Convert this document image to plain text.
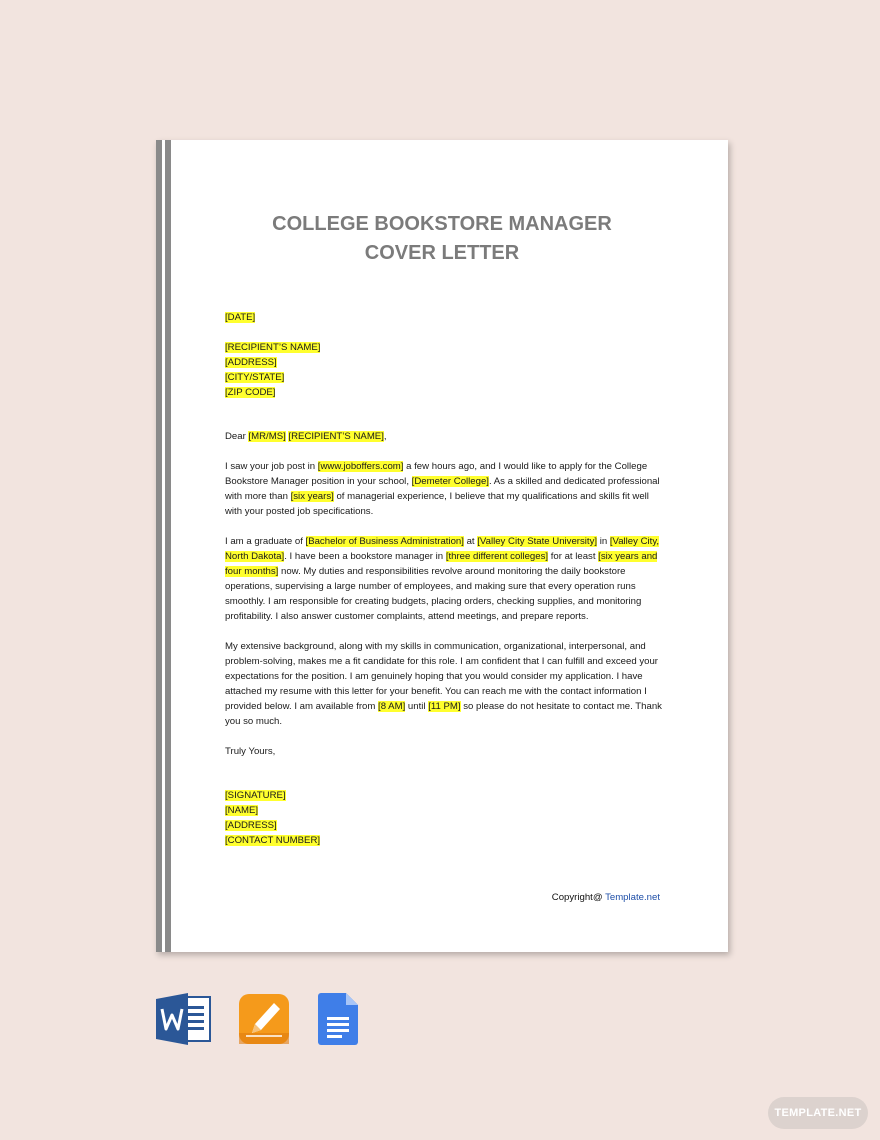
COLLEGE BOOKSTORE MANAGER
COVER LETTER

[DATE]

[RECIPIENT’S NAME]

[ADDRESS]

[CITY/STATE]

[ZIP CODE]

Dear [MR/MS] [RECIPIENT’S NAME],

I saw your job post in [www.joboffers.com] a few hours ago, and I would like to apply for the College Bookstore Manager position in your school, [Demeter College]. As a skilled and dedicated professional with more than [six years] of managerial experience, I believe that my qualifications and skills fit well with your posted job specifications.

I am a graduate of [Bachelor of Business Administration] at [Valley City State University] in [Valley City, North Dakota]. I have been a bookstore manager in [three different colleges] for at least [six years and four months] now. My duties and responsibilities revolve around monitoring the daily bookstore operations, supervising a large number of employees, and making sure that every operation runs smoothly. I am responsible for creating budgets, placing orders, checking supplies, and monitoring profitability. I also answer customer complaints, attend meetings, and prepare reports.

My extensive background, along with my skills in communication, organizational, interpersonal, and problem-solving, makes me a fit candidate for this role. I am confident that I can fulfill and exceed your expectations for the position. I am genuinely hoping that you would consider my application. I have attached my resume with this letter for your benefit. You can reach me with the contact information I provided below. I am available from [8 AM] until [11 PM] so please do not hesitate to contact me. Thank you so much.

Truly Yours,

[SIGNATURE]

[NAME]

[ADDRESS]

[CONTACT NUMBER]

Copyright@ Template.net
TEMPLATE.NET
